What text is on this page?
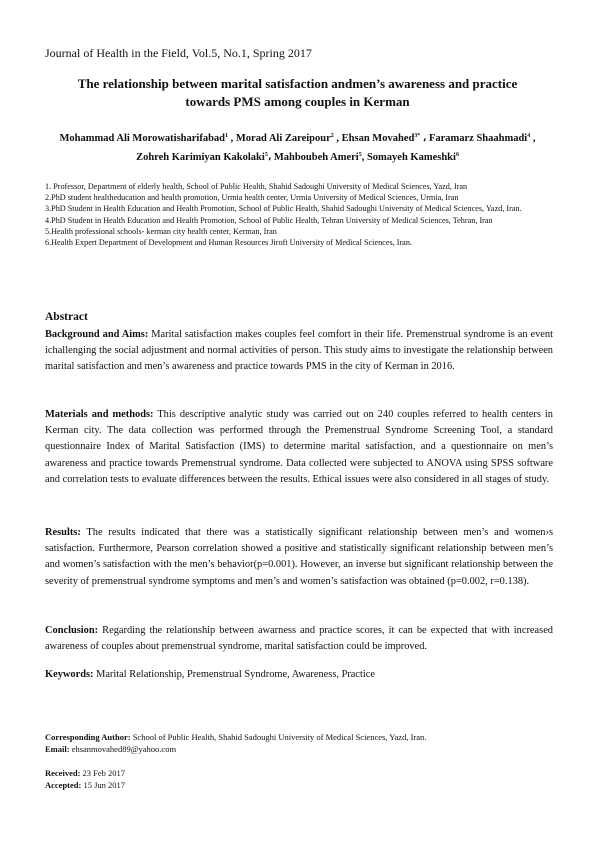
Journal of Health in the Field, Vol.5, No.1, Spring 2017
The relationship between marital satisfaction andmen’s awareness and practice
towards PMS among couples in Kerman
Mohammad Ali Morowatisharifabad$^1$ , Morad Ali Zareipour$^2$ , Ehsan Movahed$^{3*}$ ، Faramarz Shaahmadi$^4$ ,
Zohreh Karimiyan Kakolaki$^5$، Mahboubeh Ameri$^5$, Somayeh Kameshki$^6$
1. Professor, Department of elderly health, School of Public Health, Shahid Sadoughi University of Medical Sciences, Yazd, Iran
2.PhD student healtheducation and health promotion, Urmia health center, Urmia University of Medical Sciences, Urmia, Iran
3.PhD Student in Health Education and Health Promotion, School of Public Health, Shahid Sadoughi University of Medical Sciences, Yazd, Iran.
4.PhD Student in Health Education and Health Promotion, School of Public Health, Tehran University of Medical Sciences, Tehran, Iran
5.Health professional schools- kerman city health center, Kerman, Iran
6.Health Expert Department of Development and Human Resources Jiroft University of Medical Sciences, Iran.
Abstract

Background and Aims: Marital satisfaction makes couples feel comfort in their life. Premenstrual syndrome is an event ichallenging the social adjustment and normal activities of person. This study aims to investigate the relationship between marital satisfaction and men’s awareness and practice towards PMS in the city of Kerman in 2016.

Materials and methods: This descriptive analytic study was carried out on 240 couples referred to health centers in Kerman city. The data collection was performed through the Premenstrual Syndrome Screening Tool, a standard questionnaire Index of Marital Satisfaction (IMS) to determine marital satisfaction, and a questionnaire on men’s awareness and practice towards Premenstrual syndrome. Data collected were subjected to ANOVA using SPSS software and correlation tests to evaluate differences between the results. Ethical issues were also considered in all stages of study.

Results: The results indicated that there was a statistically significant relationship between men’s and women›s satisfaction. Furthermore, Pearson correlation showed a positive and statistically significant relationship between men’s and women’s satisfaction with the men’s behavior(p=0.001). However, an inverse but significant relationship between the severity of premenstrual syndrome symptoms and men’s and women’s satisfaction was obtained (p=0.002, r=0.138).

Conclusion: Regarding the relationship between awarness and practice scores, it can be expected that with increased awareness of couples about premenstrual syndrome, marital satisfaction could be improved.

Keywords: Marital Relationship, Premenstrual Syndrome, Awareness, Practice

Corresponding Author: School of Public Health, Shahid Sadoughi University of Medical Sciences, Yazd, Iran.
Email: ehsanmovahed89@yahoo.com
Received: 23 Feb 2017
Accepted: 15 Jun 2017
